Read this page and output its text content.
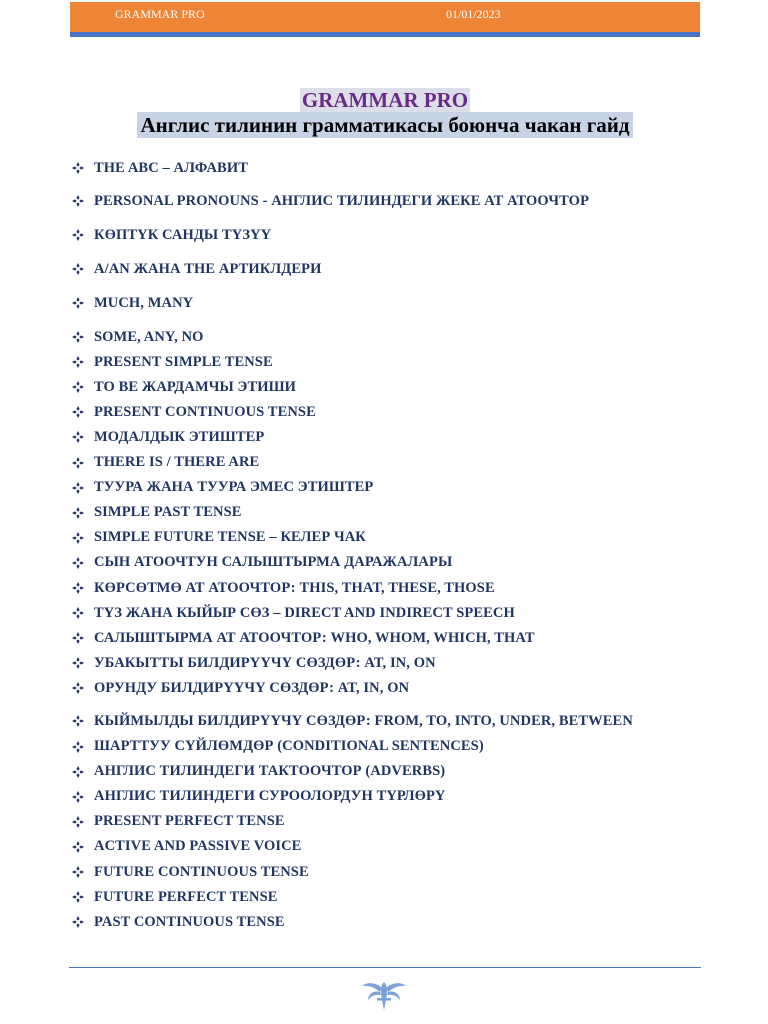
GRAMMAR PRO	01/01/2023
GRAMMAR PRO
Англис тилинин грамматикасы боюнча чакан гайд
THE ABC – АЛФАВИТ
PERSONAL PRONOUNS - АНГЛИС ТИЛИНДЕГИ ЖЕКЕ АТ АТООЧТОР
КӨПТҮК САНДЫ ТҮЗҮҮ
A/AN ЖАНА THE АРТИКЛДЕРИ
MUCH, MANY
SOME, ANY, NO
PRESENT SIMPLE TENSE
TO BE ЖАРДАМЧЫ ЭТИШИ
PRESENT CONTINUOUS TENSE
МОДАЛДЫК ЭТИШТЕР
THERE IS / THERE ARE
ТУУРА ЖАНА ТУУРА ЭМЕС ЭТИШТЕР
SIMPLE PAST TENSE
SIMPLE FUTURE TENSE – КЕЛЕР ЧАК
СЫН АТООЧТУН САЛЫШТЫРМА ДАРАЖАЛАРЫ
КӨРСӨТМӨ АТ АТООЧТОР: THIS, THAT, THESE, THOSE
ТҮЗ ЖАНА КЫЙЫР СӨЗ – DIRECT AND INDIRECT SPEECH
САЛЫШТЫРМА АТ АТООЧТОР: WHO, WHOM, WHICH, THAT
УБАКЫТТЫ БИЛДИРҮҮЧҮ СӨЗДӨР: AT, IN, ON
ОРУНДУ БИЛДИРҮҮЧҮ СӨЗДӨР: AT, IN, ON
КЫЙМЫЛДЫ БИЛДИРҮҮЧҮ СӨЗДӨР: FROM, TO, INTO, UNDER, BETWEEN
ШАРТТУУ СҮЙЛӨМДӨР (CONDITIONAL SENTENCES)
АНГЛИС ТИЛИНДЕГИ ТАКТООЧТОР (ADVERBS)
АНГЛИС ТИЛИНДЕГИ СУРООЛОРДУН ТҮРЛӨРҮ
PRESENT PERFECT TENSE
ACTIVE AND PASSIVE VOICE
FUTURE CONTINUOUS TENSE
FUTURE PERFECT TENSE
PAST CONTINUOUS TENSE
